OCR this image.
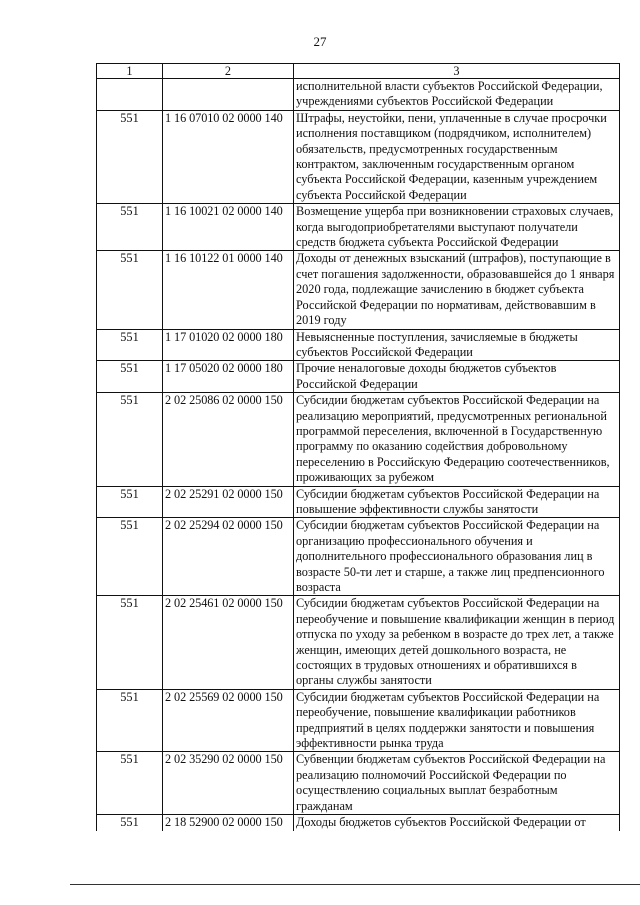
27
1	2	3
		исполнительной власти субъектов Российской Федерации, учреждениями субъектов Российской Федерации
551	1 16 07010 02 0000 140	Штрафы, неустойки, пени, уплаченные в случае просрочки исполнения поставщиком (подрядчиком, исполнителем) обязательств, предусмотренных государственным контрактом, заключенным государственным органом субъекта Российской Федерации, казенным учреждением субъекта Российской Федерации
551	1 16 10021 02 0000 140	Возмещение ущерба при возникновении страховых случаев, когда выгодоприобретателями выступают получатели средств бюджета субъекта Российской Федерации
551	1 16 10122 01 0000 140	Доходы от денежных взысканий (штрафов), поступающие в счет погашения задолженности, образовавшейся до 1 января 2020 года, подлежащие зачислению в бюджет субъекта Российской Федерации по нормативам, действовавшим в 2019 году
551	1 17 01020 02 0000 180	Невыясненные поступления, зачисляемые в бюджеты субъектов Российской Федерации
551	1 17 05020 02 0000 180	Прочие неналоговые доходы бюджетов субъектов Российской Федерации
551	2 02 25086 02 0000 150	Субсидии бюджетам субъектов Российской Федерации на реализацию мероприятий, предусмотренных региональной программой переселения, включенной в Государственную программу по оказанию содействия добровольному переселению в Российскую Федерацию соотечественников, проживающих за рубежом
551	2 02 25291 02 0000 150	Субсидии бюджетам субъектов Российской Федерации на повышение эффективности службы занятости
551	2 02 25294 02 0000 150	Субсидии бюджетам субъектов Российской Федерации на организацию профессионального обучения и дополнительного профессионального образования лиц в возрасте 50-ти лет и старше, а также лиц предпенсионного возраста
551	2 02 25461 02 0000 150	Субсидии бюджетам субъектов Российской Федерации на переобучение и повышение квалификации женщин в период отпуска по уходу за ребенком в возрасте до трех лет, а также женщин, имеющих детей дошкольного возраста, не состоящих в трудовых отношениях и обратившихся в органы службы занятости
551	2 02 25569 02 0000 150	Субсидии бюджетам субъектов Российской Федерации на переобучение, повышение квалификации работников предприятий в целях поддержки занятости и повышения эффективности рынка труда
551	2 02 35290 02 0000 150	Субвенции бюджетам субъектов Российской Федерации на реализацию полномочий Российской Федерации по осуществлению социальных выплат безработным гражданам
551	2 18 52900 02 0000 150	Доходы бюджетов субъектов Российской Федерации от
